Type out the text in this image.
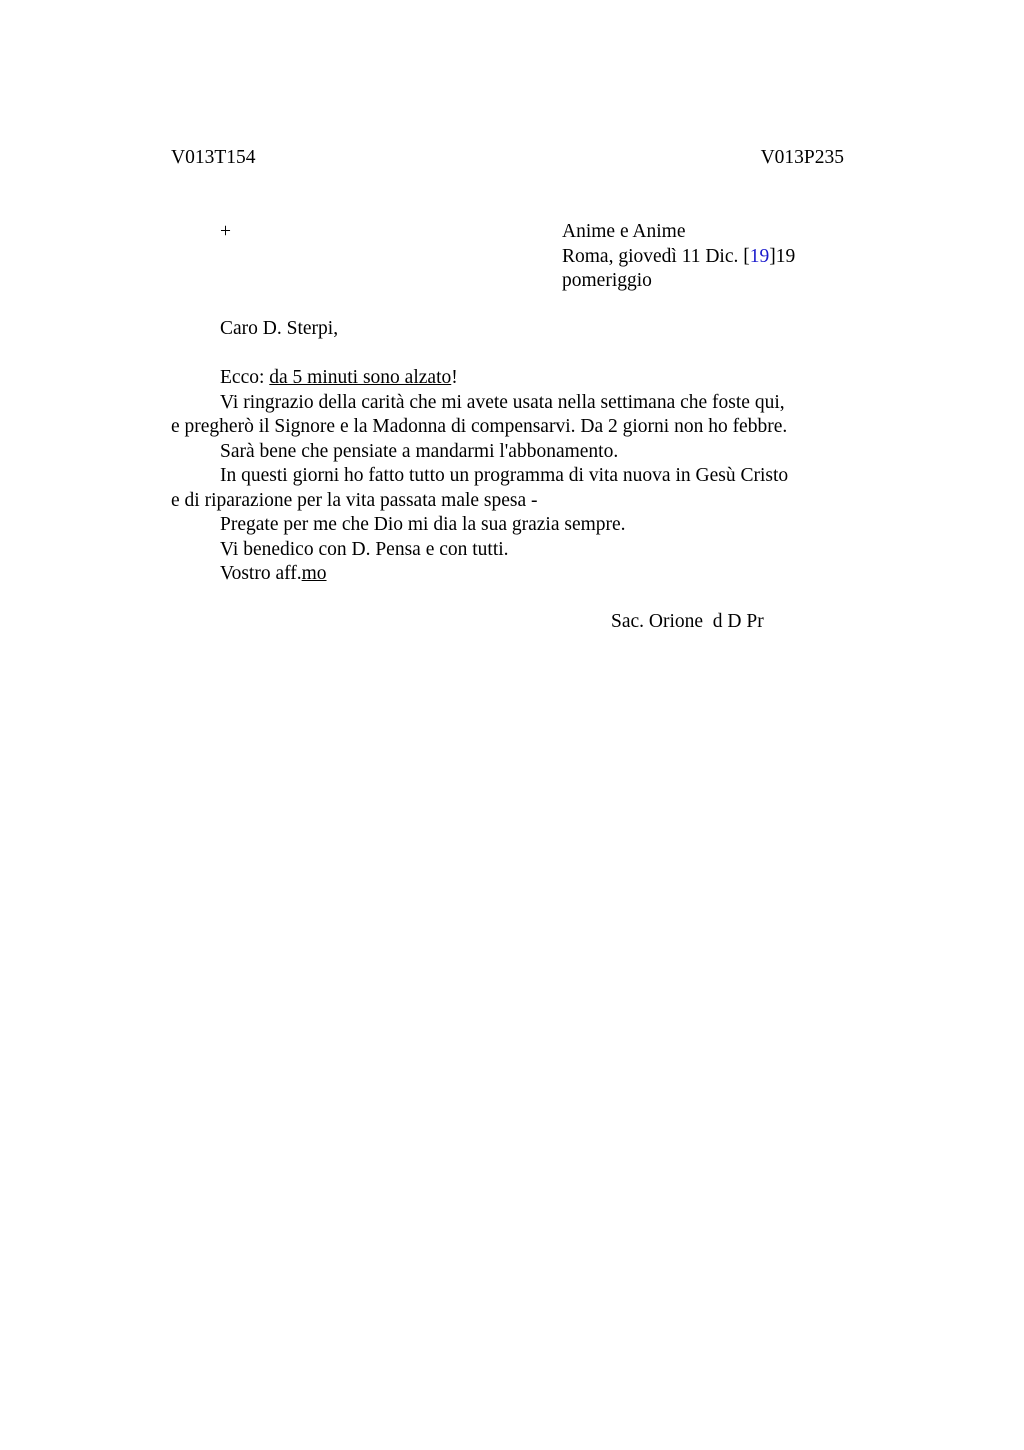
V013T154	V013P235
+	Anime e Anime
Roma, giovedì 11 Dic. [19]19
pomeriggio
Caro D. Sterpi,
Ecco: da 5 minuti sono alzato!
Vi ringrazio della carità che mi avete usata nella settimana che foste qui,
e pregherò il Signore e la Madonna di compensarvi. Da 2 giorni non ho febbre.
Sarà bene che pensiate a mandarmi l'abbonamento.
In questi giorni ho fatto tutto un programma di vita nuova in Gesù Cristo
e di riparazione per la vita passata male spesa -
Pregate per me che Dio mi dia la sua grazia sempre.
Vi benedico con D. Pensa e con tutti.
Vostro aff.mo
Sac. Orione  d D Pr
